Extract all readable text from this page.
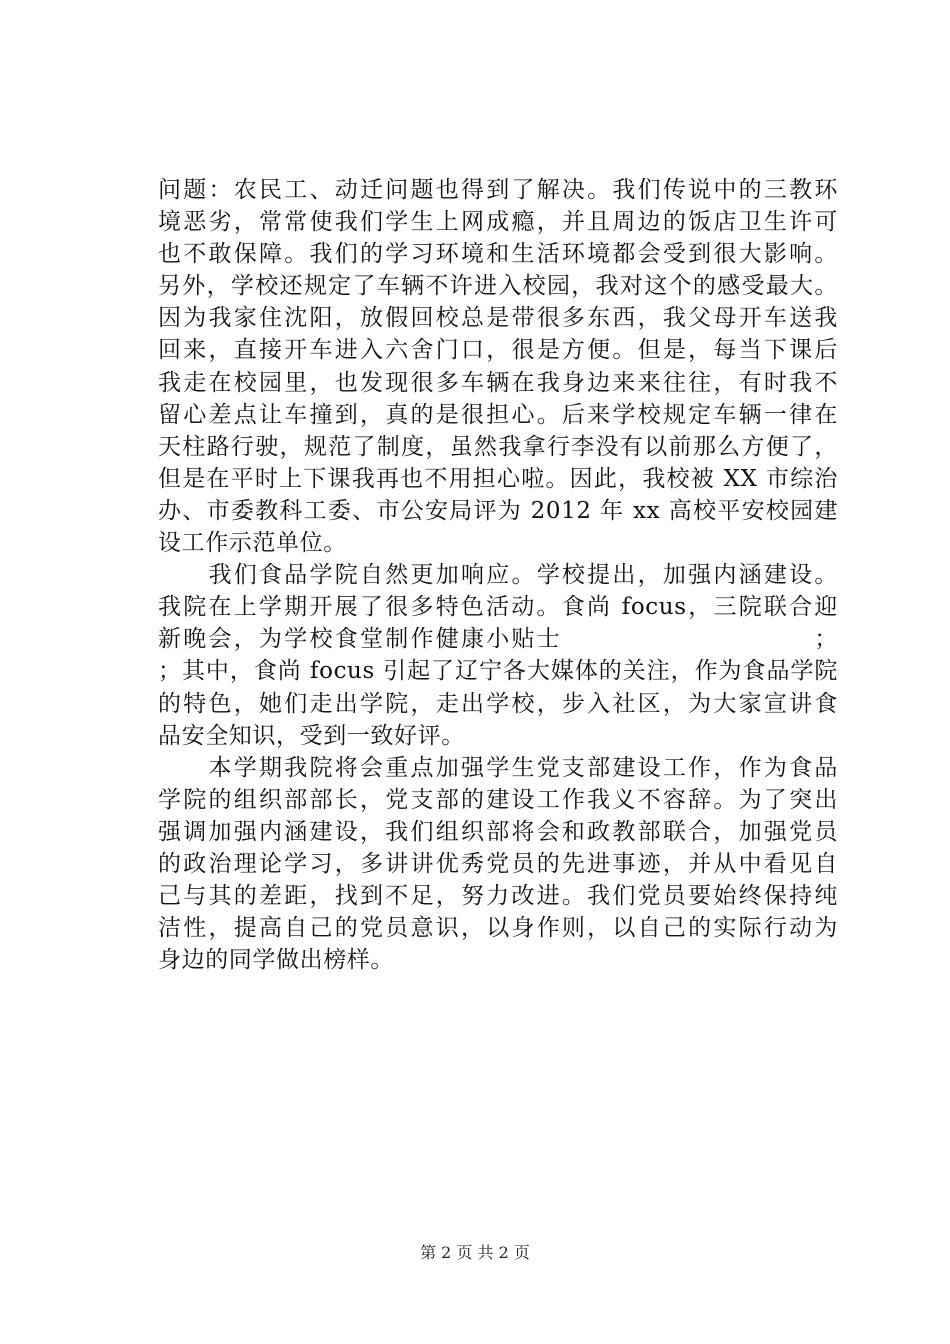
问题：农民工、动迁问题也得到了解决。我们传说中的三教环
境恶劣，常常使我们学生上网成瘾，并且周边的饭店卫生许可
也不敢保障。我们的学习环境和生活环境都会受到很大影响。
另外，学校还规定了车辆不许进入校园，我对这个的感受最大。
因为我家住沈阳，放假回校总是带很多东西，我父母开车送我
回来，直接开车进入六舍门口，很是方便。但是，每当下课后
我走在校园里，也发现很多车辆在我身边来来往往，有时我不
留心差点让车撞到，真的是很担心。后来学校规定车辆一律在
天柱路行驶，规范了制度，虽然我拿行李没有以前那么方便了，
但是在平时上下课我再也不用担心啦。因此，我校被 XX 市综治
办、市委教科工委、市公安局评为 2012 年 xx 高校平安校园建
设工作示范单位。
　　我们食品学院自然更加响应。学校提出，加强内涵建设。
我院在上学期开展了很多特色活动。食尚 focus，三院联合迎
新晚会，为学校食堂制作健康小贴士　　　　　　　　　　；
；其中，食尚 focus 引起了辽宁各大媒体的关注，作为食品学院
的特色，她们走出学院，走出学校，步入社区，为大家宣讲食
品安全知识，受到一致好评。
　　本学期我院将会重点加强学生党支部建设工作，作为食品
学院的组织部部长，党支部的建设工作我义不容辞。为了突出
强调加强内涵建设，我们组织部将会和政教部联合，加强党员
的政治理论学习，多讲讲优秀党员的先进事迹，并从中看见自
己与其的差距，找到不足，努力改进。我们党员要始终保持纯
洁性，提高自己的党员意识，以身作则，以自己的实际行动为
身边的同学做出榜样。
第 2 页 共 2 页
